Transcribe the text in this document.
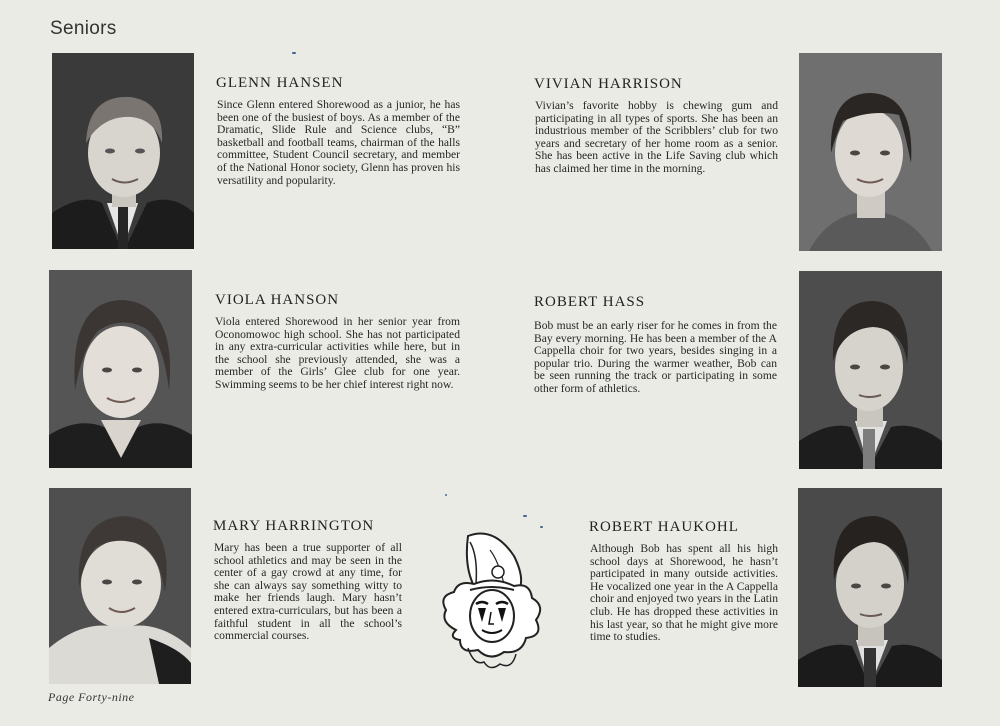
Seniors
GLENN HANSEN
Since Glenn entered Shorewood as a junior, he has been one of the busiest of boys. As a member of the Dramatic, Slide Rule and Science clubs, “B” basketball and football teams, chairman of the halls committee, Student Council secretary, and member of the National Honor society, Glenn has proven his versatility and popularity.
VIVIAN HARRISON
Vivian’s favorite hobby is chewing gum and participating in all types of sports. She has been an industrious member of the Scribblers’ club for two years and secretary of her home room as a senior. She has been active in the Life Saving club which has claimed her time in the morning.
VIOLA HANSON
Viola entered Shorewood in her senior year from Oconomowoc high school. She has not participated in any extra-curricular activities while here, but in the school she previously attended, she was a member of the Girls’ Glee club for one year. Swimming seems to be her chief interest right now.
ROBERT HASS
Bob must be an early riser for he comes in from the Bay every morning. He has been a member of the A Cappella choir for two years, besides singing in a popular trio. During the warmer weather, Bob can be seen running the track or participating in some other form of athletics.
MARY HARRINGTON
Mary has been a true supporter of all school athletics and may be seen in the center of a gay crowd at any time, for she can always say something witty to make her friends laugh. Mary hasn’t entered extra-curriculars, but has been a faithful student in all the school’s commercial courses.
ROBERT HAUKOHL
Although Bob has spent all his high school days at Shorewood, he hasn’t participated in many outside activities. He vocalized one year in the A Cappella choir and enjoyed two years in the Latin club. He has dropped these activities in his last year, so that he might give more time to studies.
Page Forty-nine
